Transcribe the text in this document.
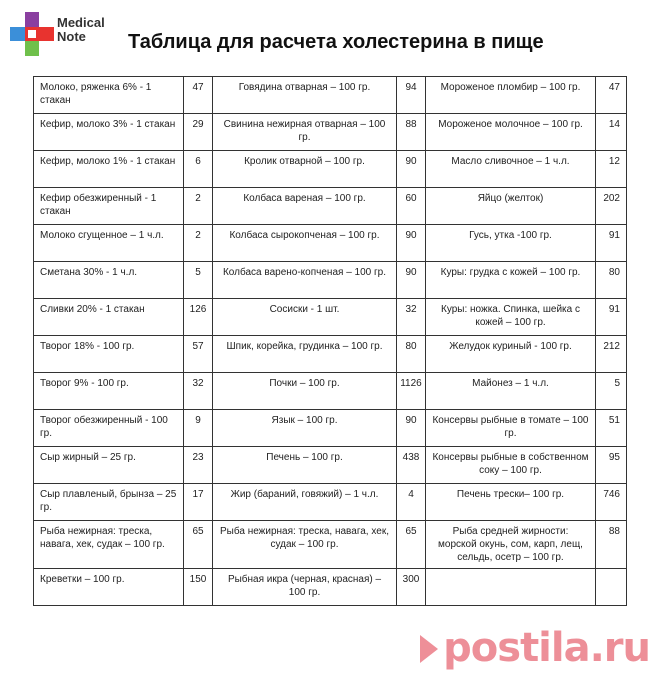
Medical
Note	Таблица для расчета холестерина в пище
Молоко, ряженка 6% - 1 стакан	47	Говядина отварная – 100 гр.	94	Мороженое пломбир – 100 гр.	47
Кефир, молоко 3% - 1 стакан	29	Свинина нежирная отварная – 100 гр.	88	Мороженое молочное – 100 гр.	14
Кефир, молоко 1% - 1 стакан	6	Кролик отварной – 100 гр.	90	Масло сливочное – 1 ч.л.	12
Кефир обезжиренный - 1 стакан	2	Колбаса вареная – 100 гр.	60	Яйцо (желток)	202
Молоко сгущенное – 1 ч.л.	2	Колбаса сырокопченая – 100 гр.	90	Гусь, утка -100 гр.	91
Сметана 30% - 1 ч.л.	5	Колбаса варено-копченая – 100 гр.	90	Куры: грудка с кожей – 100 гр.	80
Сливки 20% - 1 стакан	126	Сосиски - 1 шт.	32	Куры: ножка. Спинка, шейка с кожей – 100 гр.	91
Творог 18% - 100 гр.	57	Шпик, корейка, грудинка – 100 гр.	80	Желудок куриный - 100 гр.	212
Творог 9% - 100 гр.	32	Почки – 100 гр.	1126	Майонез – 1 ч.л.	5
Творог обезжиренный - 100 гр.	9	Язык – 100 гр.	90	Консервы рыбные в томате – 100 гр.	51
Сыр жирный – 25 гр.	23	Печень – 100 гр.	438	Консервы рыбные в собственном соку – 100 гр.	95
Сыр плавленый, брынза – 25 гр.	17	Жир (бараний, говяжий) – 1 ч.л.	4	Печень трески– 100 гр.	746
Рыба нежирная: треска, навага, хек, судак – 100 гр.	65	Рыба нежирная: треска, навага, хек, судак – 100 гр.	65	Рыба средней жирности: морской окунь, сом, карп, лещ, сельдь, осетр – 100 гр.	88
Креветки – 100 гр.	150	Рыбная икра (черная, красная) – 100 гр.	300		
postila.ru
